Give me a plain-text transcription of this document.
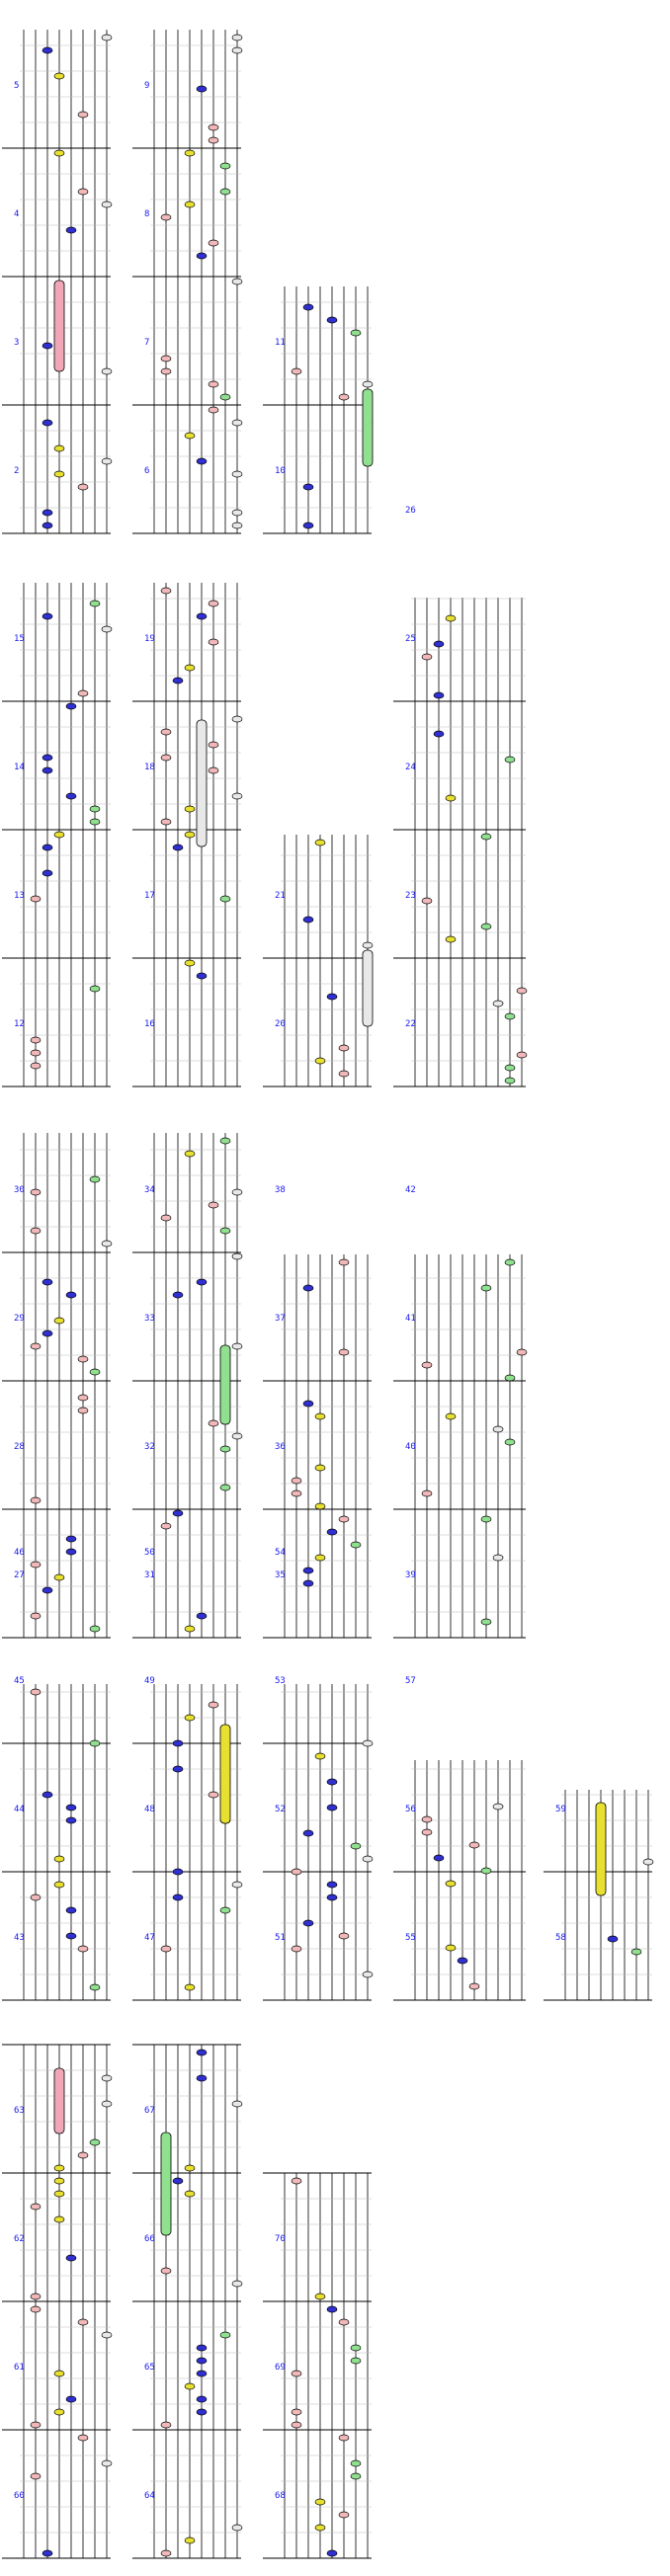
5
4
3
2
9
8
7
6
11
10
15
14
13
12
19
18
17
16
21
20
26
25
24
23
22
30
29
28
27
34
33
32
31
38
37
36
35
42
41
40
39
46
45
44
43
50
49
48
47
54
53
52
51
57
56
55
59
58
63
62
61
60
67
66
65
64
70
69
68
